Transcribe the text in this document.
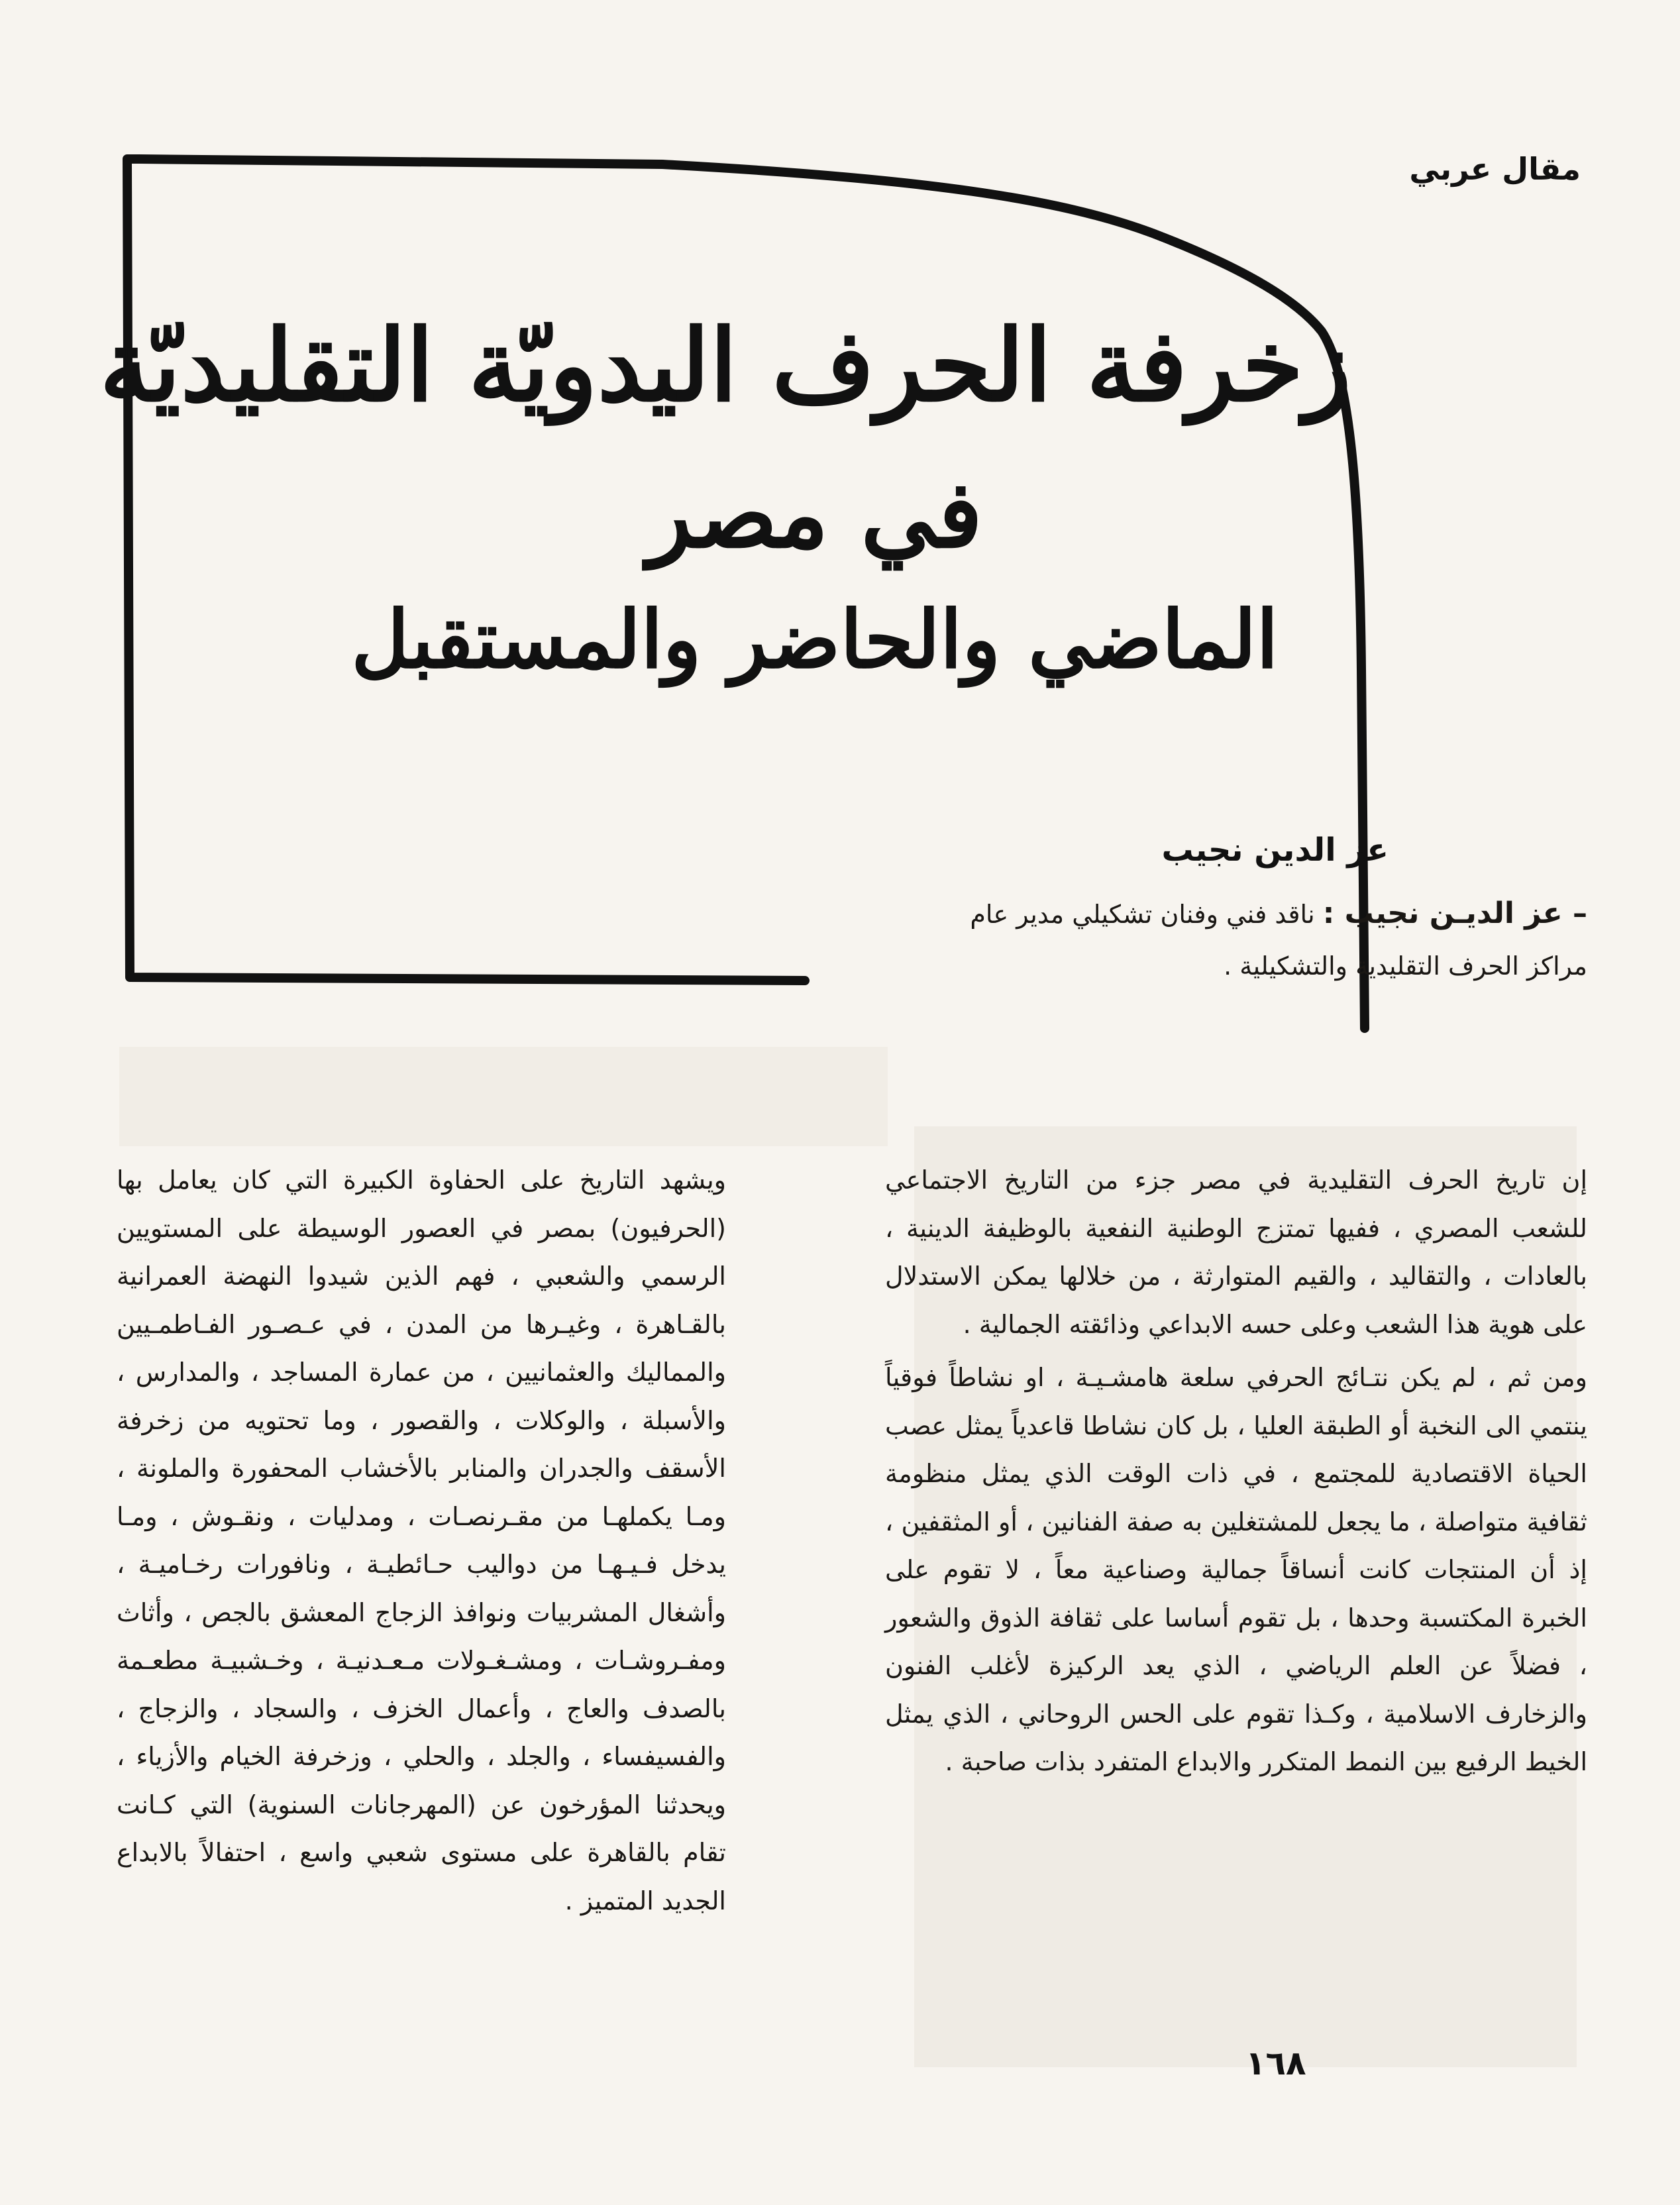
مقال عربي
زخرفة الحرف اليدويّة التقليديّة
في مصر
الماضي والحاضر والمستقبل
عز الدين نجيب
– عز الديـن نجيب : ناقد فني وفنان تشكيلي مدير عام مراكز الحرف التقليدية والتشكيلية .

إن تاريخ الحرف التقليدية في مصر جزء من التاريخ الاجتماعي للشعب المصري ، ففيها تمتزج الوطنية النفعية بالوظيفة الدينية ، بالعادات ، والتقاليد ، والقيم المتوارثة ، من خلالها يمكن الاستدلال على هوية هذا الشعب وعلى حسه الابداعي وذائقته الجمالية .

ومن ثم ، لم يكن نتـائج الحرفي سلعة هامشـيـة ، او نشاطاً فوقياً ينتمي الى النخبة أو الطبقة العليا ، بل كان نشاطا قاعدياً يمثل عصب الحياة الاقتصادية للمجتمع ، في ذات الوقت الذي يمثل منظومة ثقافية متواصلة ، ما يجعل للمشتغلين به صفة الفنانين ، أو المثقفين ، إذ أن المنتجات كانت أنساقاً جمالية وصناعية معاً ، لا تقوم على الخبرة المكتسبة وحدها ، بل تقوم أساسا على ثقافة الذوق والشعور ، فضلاً عن العلم الرياضي ، الذي يعد الركيزة لأغلب الفنون والزخارف الاسلامية ، وكـذا تقوم على الحس الروحاني ، الذي يمثل الخيط الرفيع بين النمط المتكرر والابداع المتفرد بذات صاحبة .

ويشهد التاريخ على الحفاوة الكبيرة التي كان يعامل بها (الحرفيون) بمصر في العصور الوسيطة على المستويين الرسمي والشعبي ، فهم الذين شيدوا النهضة العمرانية بالقـاهرة ، وغيـرها من المدن ، في عـصـور الفـاطمـيين والمماليك والعثمانيين ، من عمارة المساجد ، والمدارس ، والأسبلة ، والوكلات ، والقصور ، وما تحتويه من زخرفة الأسقف والجدران والمنابر بالأخشاب المحفورة والملونة ، ومـا يكملهـا من مقـرنصـات ، ومدليات ، ونقـوش ، ومـا يدخل فـيـهـا من دواليب حـائطيـة ، ونافورات رخـاميـة ، وأشغال المشربيات ونوافذ الزجاج المعشق بالجص ، وأثاث ومفـروشـات ، ومشـغـولات مـعـدنيـة ، وخـشبيـة مطعـمة بالصدف والعاج ، وأعمال الخزف ، والسجاد ، والزجاج ، والفسيفساء ، والجلد ، والحلي ، وزخرفة الخيام والأزياء ، ويحدثنا المؤرخون عن (المهرجانات السنوية) التي كـانت تقام بالقاهرة على مستوى شعبي واسع ، احتفالاً بالابداع الجديد المتميز .

١٦٨
